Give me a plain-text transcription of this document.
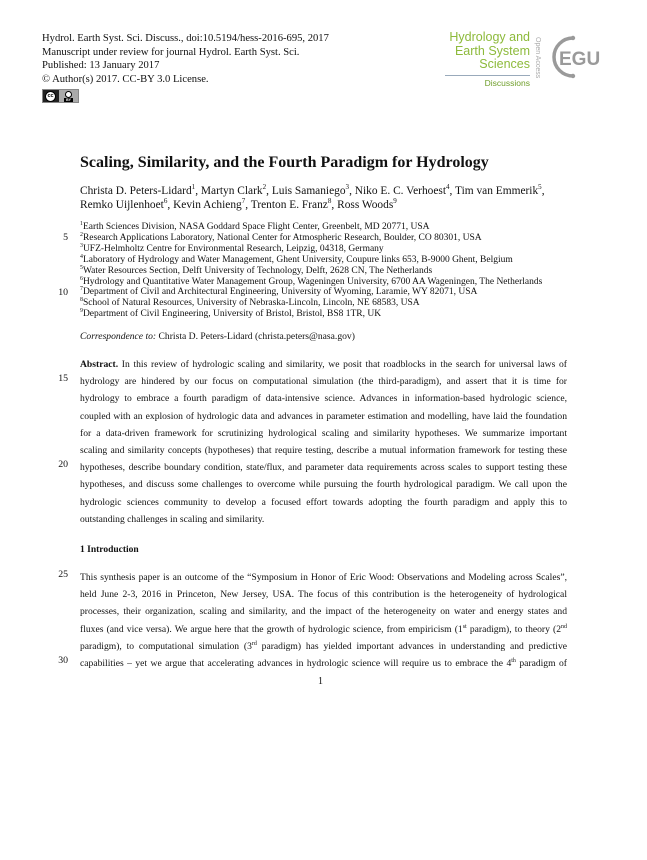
Hydrol. Earth Syst. Sci. Discuss., doi:10.5194/hess-2016-695, 2017
Manuscript under review for journal Hydrol. Earth Syst. Sci.
Published: 13 January 2017
© Author(s) 2017. CC-BY 3.0 License.
cc
BY
Hydrology and
Earth System
Sciences
Discussions
Open Access EGU
Scaling, Similarity, and the Fourth Paradigm for Hydrology
Christa D. Peters-Lidard$^1$, Martyn Clark$^2$, Luis Samaniego$^3$, Niko E. C. Verhoest$^4$, Tim van Emmerik$^5$,
Remko Uijlenhoet$^6$, Kevin Achieng$^7$, Trenton E. Franz$^8$, Ross Woods$^9$
$^1$Earth Sciences Division, NASA Goddard Space Flight Center, Greenbelt, MD 20771, USA
$^2$Research Applications Laboratory, National Center for Atmospheric Research, Boulder, CO 80301, USA
$^3$UFZ-Helmholtz Centre for Environmental Research, Leipzig, 04318, Germany
$^4$Laboratory of Hydrology and Water Management, Ghent University, Coupure links 653, B-9000 Ghent, Belgium
$^5$Water Resources Section, Delft University of Technology, Delft, 2628 CN, The Netherlands
$^6$Hydrology and Quantitative Water Management Group, Wageningen University, 6700 AA Wageningen, The Netherlands
$^7$Department of Civil and Architectural Engineering, University of Wyoming, Laramie, WY 82071, USA
$^8$School of Natural Resources, University of Nebraska-Lincoln, Lincoln, NE 68583, USA
$^9$Department of Civil Engineering, University of Bristol, Bristol, BS8 1TR, UK
Correspondence to: Christa D. Peters-Lidard (christa.peters@nasa.gov)
5
10
15
20
25
30
Abstract. In this review of hydrologic scaling and similarity, we posit that roadblocks in the search for universal laws of
hydrology are hindered by our focus on computational simulation (the third-paradigm), and assert that it is time for
hydrology to embrace a fourth paradigm of data-intensive science. Advances in information-based hydrologic science,
coupled with an explosion of hydrologic data and advances in parameter estimation and modelling, have laid the foundation
for a data-driven framework for scrutinizing hydrological scaling and similarity hypotheses. We summarize important
scaling and similarity concepts (hypotheses) that require testing, describe a mutual information framework for testing these
hypotheses, describe boundary condition, state/flux, and parameter data requirements across scales to support testing these
hypotheses, and discuss some challenges to overcome while pursuing the fourth hydrological paradigm. We call upon the
hydrologic sciences community to develop a focused effort towards adopting the fourth paradigm and apply this to
outstanding challenges in scaling and similarity.
1 Introduction
This synthesis paper is an outcome of the “Symposium in Honor of Eric Wood: Observations and Modeling across Scales”,
held June 2-3, 2016 in Princeton, New Jersey, USA. The focus of this contribution is the heterogeneity of hydrological
processes, their organization, scaling and similarity, and the impact of the heterogeneity on water and energy states and
fluxes (and vice versa). We argue here that the growth of hydrologic science, from empiricism (1st paradigm), to theory (2nd
paradigm), to computational simulation (3rd paradigm) has yielded important advances in understanding and predictive
capabilities – yet we argue that accelerating advances in hydrologic science will require us to embrace the 4th paradigm of
1
